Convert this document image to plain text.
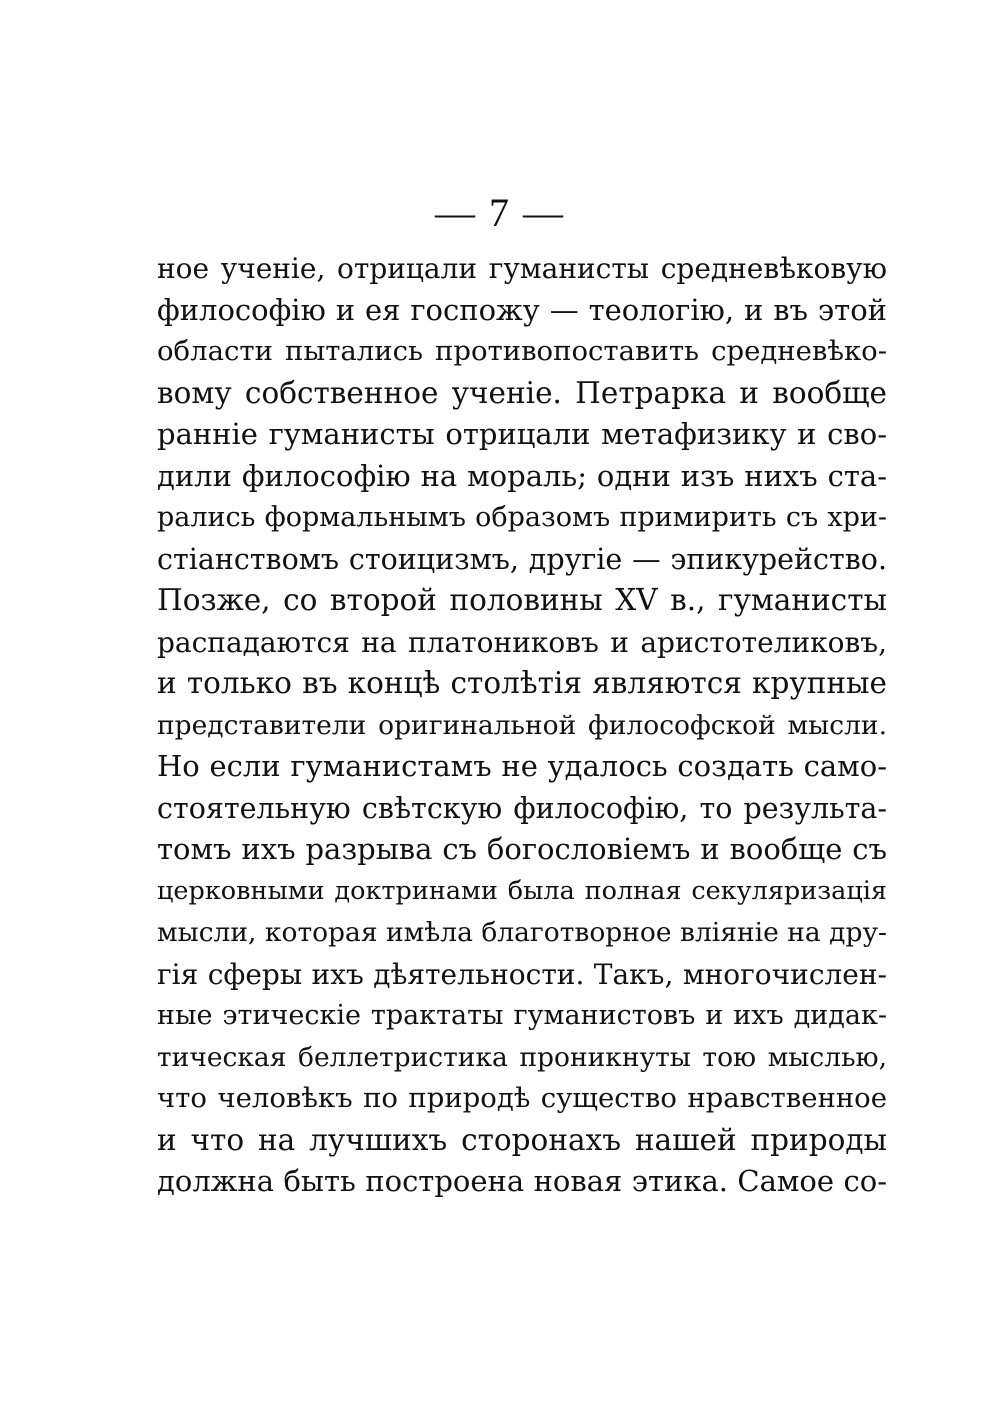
— 7 —
ное ученіе, отрицали гуманисты средневѣковую
философію и ея госпожу — теологію, и въ этой
области пытались противопоставить средневѣко-
вому собственное ученіе. Петрарка и вообще
ранніе гуманисты отрицали метафизику и сво-
дили философію на мораль; одни изъ нихъ ста-
рались формальнымъ образомъ примирить съ хри-
стіанствомъ стоицизмъ, другіе — эпикурейство.
Позже, со второй половины XV в., гуманисты
распадаются на платониковъ и аристотеликовъ,
и только въ концѣ столѣтія являются крупные
представители оригинальной философской мысли.
Но если гуманистамъ не удалось создать само-
стоятельную свѣтскую философію, то результа-
томъ ихъ разрыва съ богословіемъ и вообще съ
церковными доктринами была полная секуляризація
мысли, которая имѣла благотворное вліяніе на дру-
гія сферы ихъ дѣятельности. Такъ, многочислен-
ные этическіе трактаты гуманистовъ и ихъ дидак-
тическая беллетристика проникнуты тою мыслью,
что человѣкъ по природѣ существо нравственное
и что на лучшихъ сторонахъ нашей природы
должна быть построена новая этика. Самое со-
